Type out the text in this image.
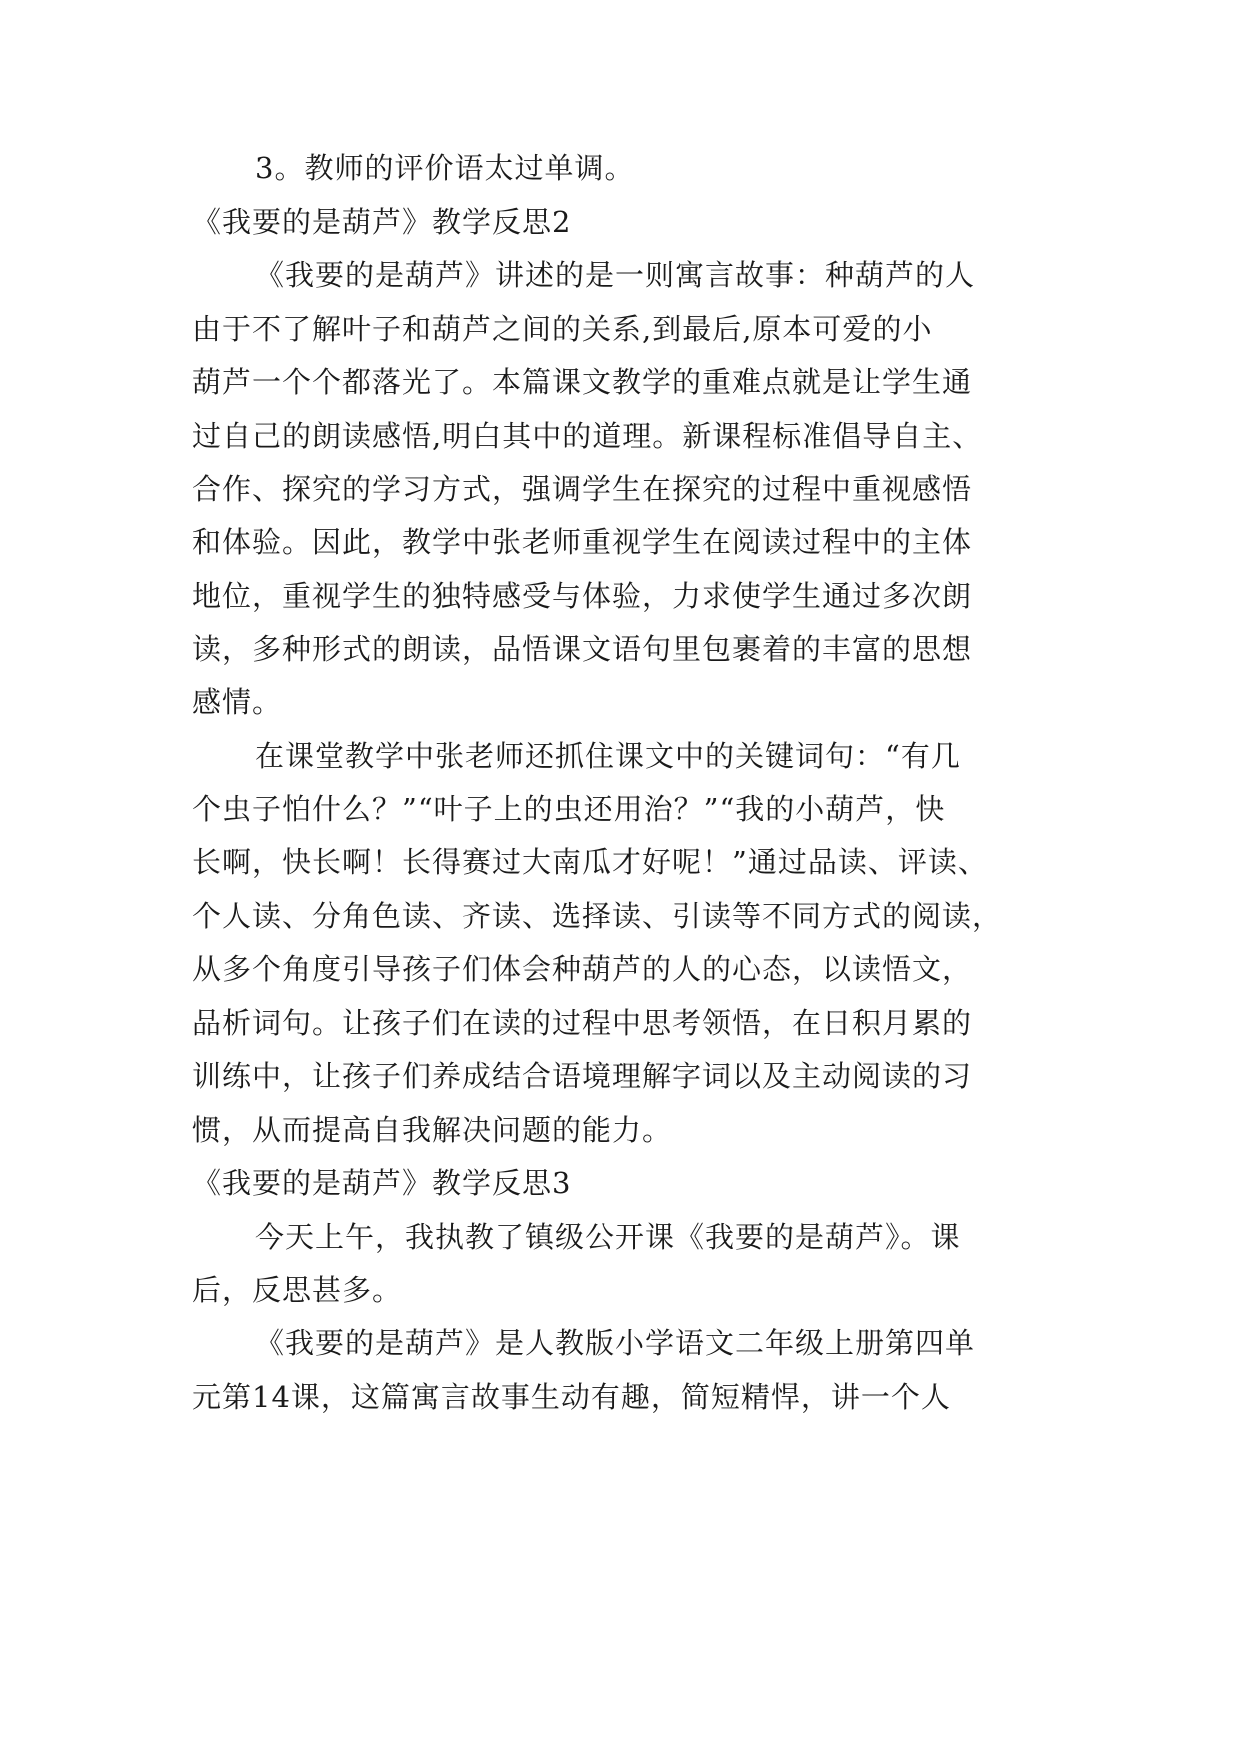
3。教师的评价语太过单调。
《我要的是葫芦》教学反思2
《我要的是葫芦》讲述的是一则寓言故事：种葫芦的人
由于不了解叶子和葫芦之间的关系,到最后,原本可爱的小
葫芦一个个都落光了。本篇课文教学的重难点就是让学生通
过自己的朗读感悟,明白其中的道理。新课程标准倡导自主、
合作、探究的学习方式，强调学生在探究的过程中重视感悟
和体验。因此，教学中张老师重视学生在阅读过程中的主体
地位，重视学生的独特感受与体验，力求使学生通过多次朗
读，多种形式的朗读，品悟课文语句里包裹着的丰富的思想
感情。
在课堂教学中张老师还抓住课文中的关键词句：“有几
个虫子怕什么？”“叶子上的虫还用治？”“我的小葫芦，快
长啊，快长啊！长得赛过大南瓜才好呢！”通过品读、评读、
个人读、分角色读、齐读、选择读、引读等不同方式的阅读，
从多个角度引导孩子们体会种葫芦的人的心态，以读悟文，
品析词句。让孩子们在读的过程中思考领悟，在日积月累的
训练中，让孩子们养成结合语境理解字词以及主动阅读的习
惯，从而提高自我解决问题的能力。
《我要的是葫芦》教学反思3
今天上午，我执教了镇级公开课《我要的是葫芦》。课
后，反思甚多。
《我要的是葫芦》是人教版小学语文二年级上册第四单
元第14课，这篇寓言故事生动有趣，简短精悍，讲一个人
